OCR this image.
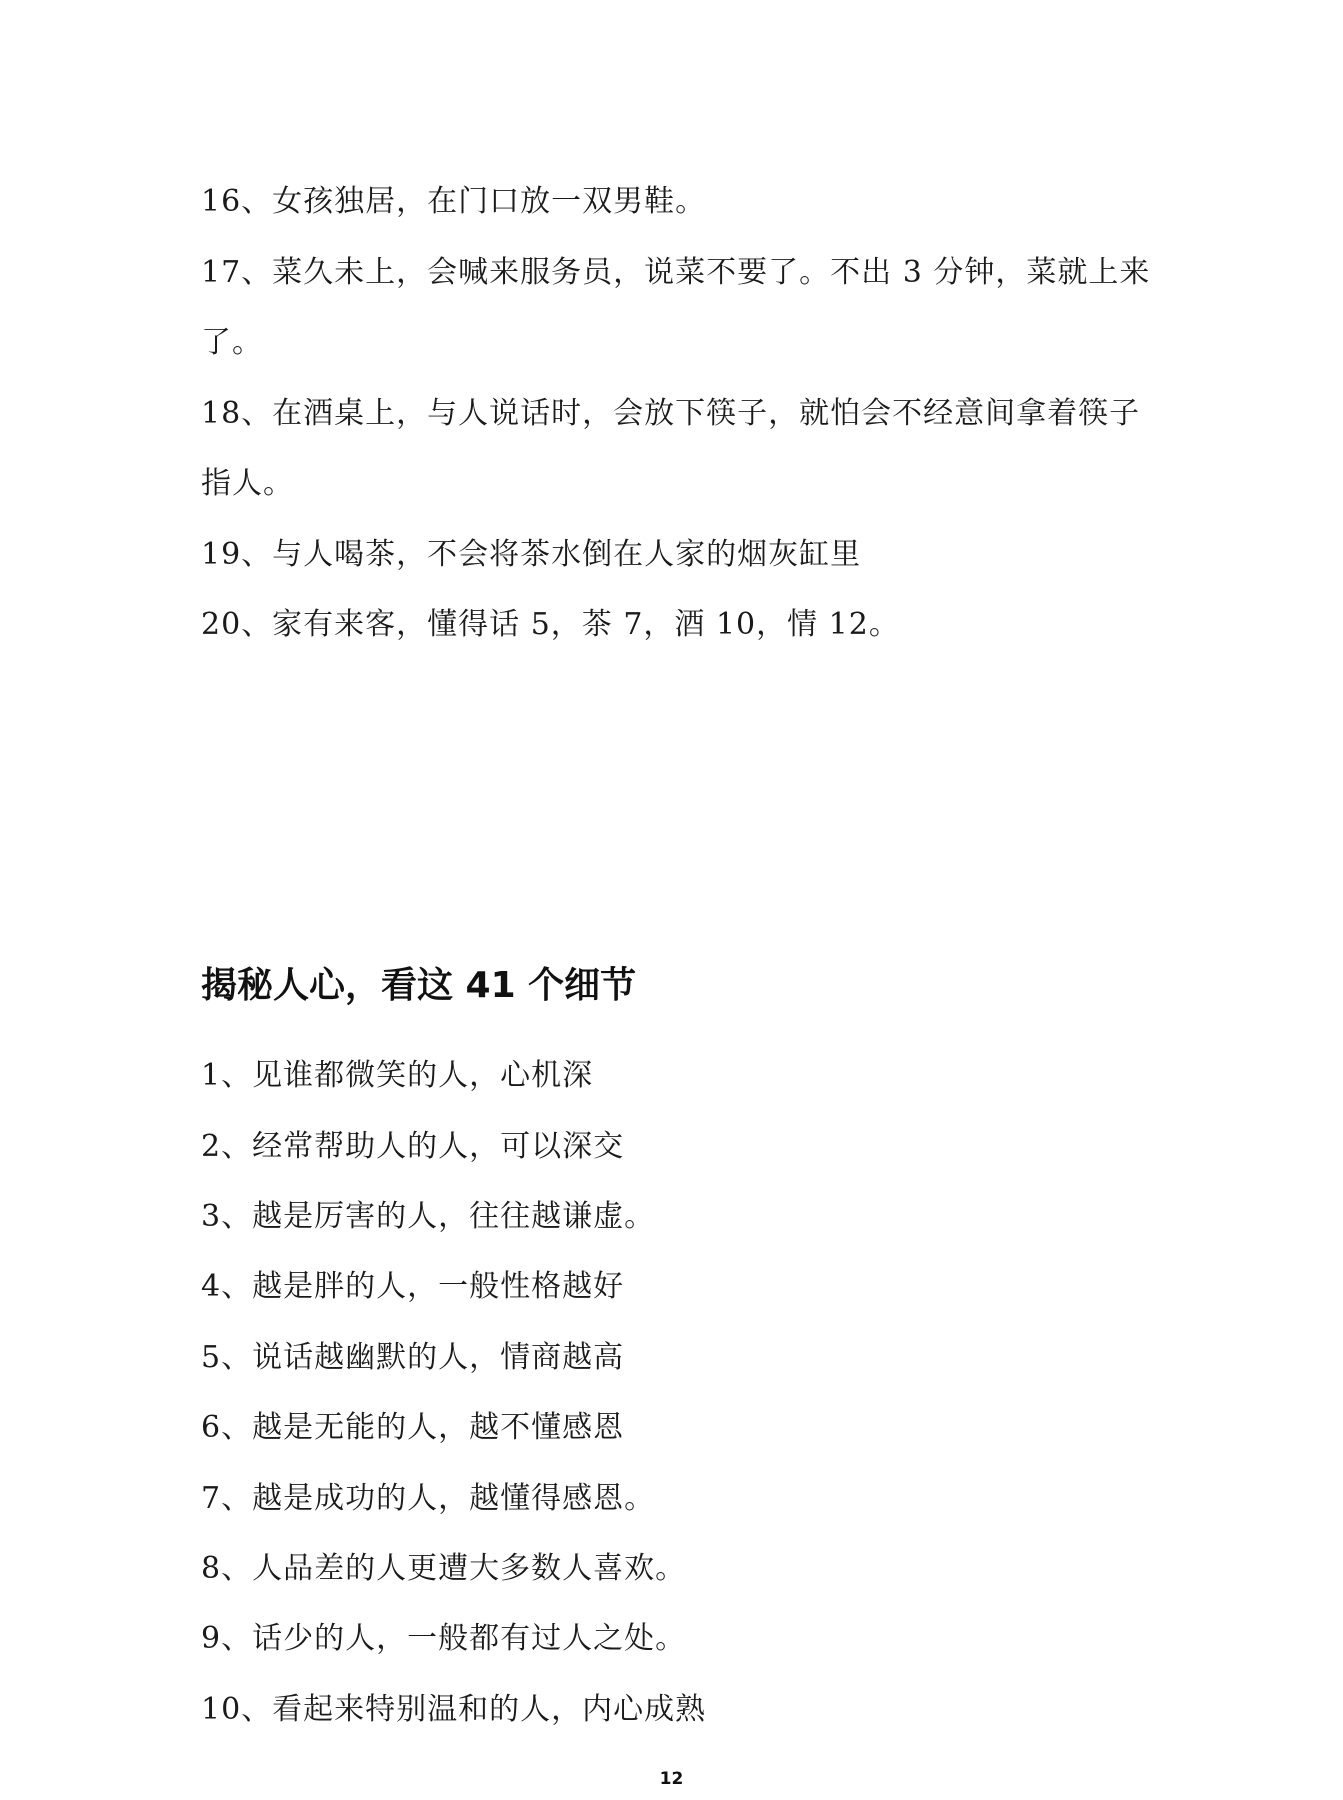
16、女孩独居，在门口放一双男鞋。
17、菜久未上，会喊来服务员，说菜不要了。不出 3 分钟，菜就上来
了。
18、在酒桌上，与人说话时，会放下筷子，就怕会不经意间拿着筷子
指人。
19、与人喝茶，不会将茶水倒在人家的烟灰缸里
20、家有来客，懂得话 5，茶 7，酒 10，情 12。
揭秘人心，看这 41 个细节
1、见谁都微笑的人，心机深
2、经常帮助人的人，可以深交
3、越是厉害的人，往往越谦虚。
4、越是胖的人，一般性格越好
5、说话越幽默的人，情商越高
6、越是无能的人，越不懂感恩
7、越是成功的人，越懂得感恩。
8、人品差的人更遭大多数人喜欢。
9、话少的人，一般都有过人之处。
10、看起来特别温和的人，内心成熟
12
